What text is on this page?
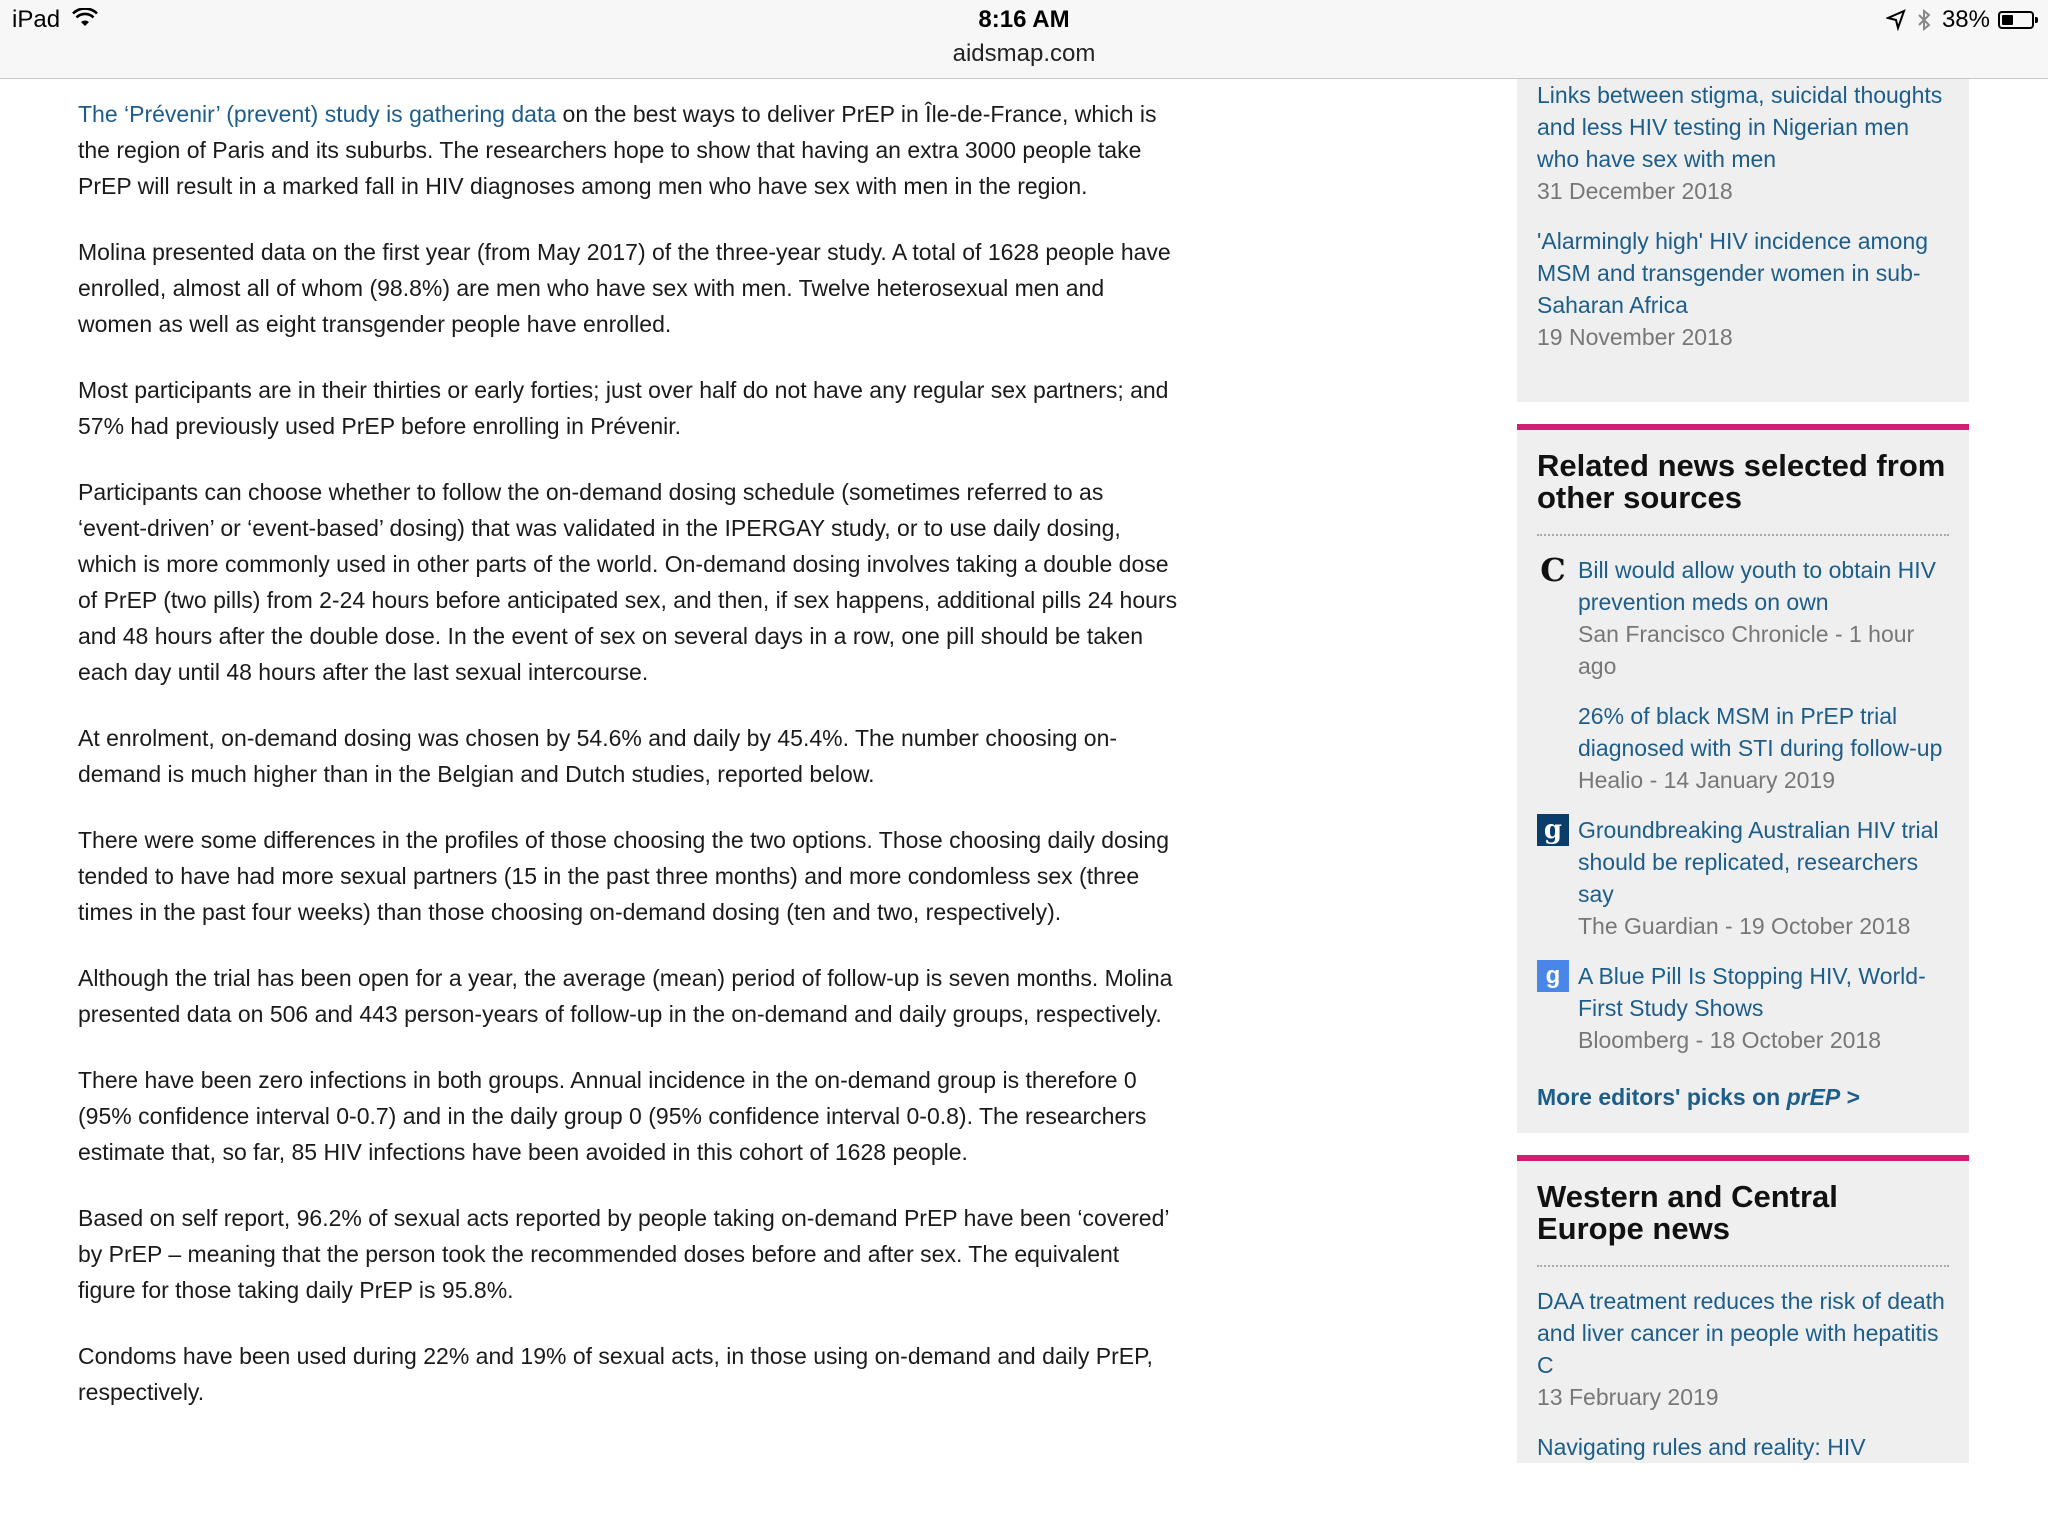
iPad	8:16 AM
aidsmap.com
38%

The ‘Prévenir’ (prevent) study is gathering data on the best ways to deliver PrEP in Île-de-France, which is the region of Paris and its suburbs. The researchers hope to show that having an extra 3000 people take PrEP will result in a marked fall in HIV diagnoses among men who have sex with men in the region.

Molina presented data on the first year (from May 2017) of the three-year study. A total of 1628 people have enrolled, almost all of whom (98.8%) are men who have sex with men. Twelve heterosexual men and women as well as eight transgender people have enrolled.

Most participants are in their thirties or early forties; just over half do not have any regular sex partners; and 57% had previously used PrEP before enrolling in Prévenir.

Participants can choose whether to follow the on-demand dosing schedule (sometimes referred to as ‘event-driven’ or ‘event-based’ dosing) that was validated in the IPERGAY study, or to use daily dosing, which is more commonly used in other parts of the world. On-demand dosing involves taking a double dose of PrEP (two pills) from 2-24 hours before anticipated sex, and then, if sex happens, additional pills 24 hours and 48 hours after the double dose. In the event of sex on several days in a row, one pill should be taken each day until 48 hours after the last sexual intercourse.

At enrolment, on-demand dosing was chosen by 54.6% and daily by 45.4%. The number choosing on-demand is much higher than in the Belgian and Dutch studies, reported below.

There were some differences in the profiles of those choosing the two options. Those choosing daily dosing tended to have had more sexual partners (15 in the past three months) and more condomless sex (three times in the past four weeks) than those choosing on-demand dosing (ten and two, respectively).

Although the trial has been open for a year, the average (mean) period of follow-up is seven months. Molina presented data on 506 and 443 person-years of follow-up in the on-demand and daily groups, respectively.

There have been zero infections in both groups. Annual incidence in the on-demand group is therefore 0 (95% confidence interval 0-0.7) and in the daily group 0 (95% confidence interval 0-0.8). The researchers estimate that, so far, 85 HIV infections have been avoided in this cohort of 1628 people.

Based on self report, 96.2% of sexual acts reported by people taking on-demand PrEP have been ‘covered’ by PrEP – meaning that the person took the recommended doses before and after sex. The equivalent figure for those taking daily PrEP is 95.8%.

Condoms have been used during 22% and 19% of sexual acts, in those using on-demand and daily PrEP, respectively.

Links between stigma, suicidal thoughts and less HIV testing in Nigerian men who have sex with men
31 December 2018
'Alarmingly high' HIV incidence among MSM and transgender women in sub-Saharan Africa
19 November 2018
Related news selected from other sources
C Bill would allow youth to obtain HIV prevention meds on own
San Francisco Chronicle - 1 hour ago
26% of black MSM in PrEP trial diagnosed with STI during follow-up
Healio - 14 January 2019
g Groundbreaking Australian HIV trial should be replicated, researchers say
The Guardian - 19 October 2018
g A Blue Pill Is Stopping HIV, World-First Study Shows
Bloomberg - 18 October 2018
More editors' picks on prEP >
Western and Central Europe news
DAA treatment reduces the risk of death and liver cancer in people with hepatitis C
13 February 2019
Navigating rules and reality: HIV
